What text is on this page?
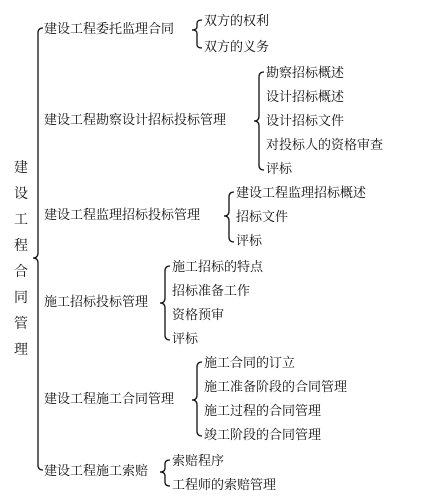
建设工程合同管理
建设工程委托监理合同
双方的权利
双方的义务
建设工程勘察设计招标投标管理
勘察招标概述
设计招标概述
设计招标文件
对投标人的资格审查
评标
建设工程监理招标投标管理
建设工程监理招标概述
招标文件
评标
施工招标投标管理
施工招标的特点
招标准备工作
资格预审
评标
建设工程施工合同管理
施工合同的订立
施工准备阶段的合同管理
施工过程的合同管理
竣工阶段的合同管理
建设工程施工索赔
索赔程序
工程师的索赔管理
